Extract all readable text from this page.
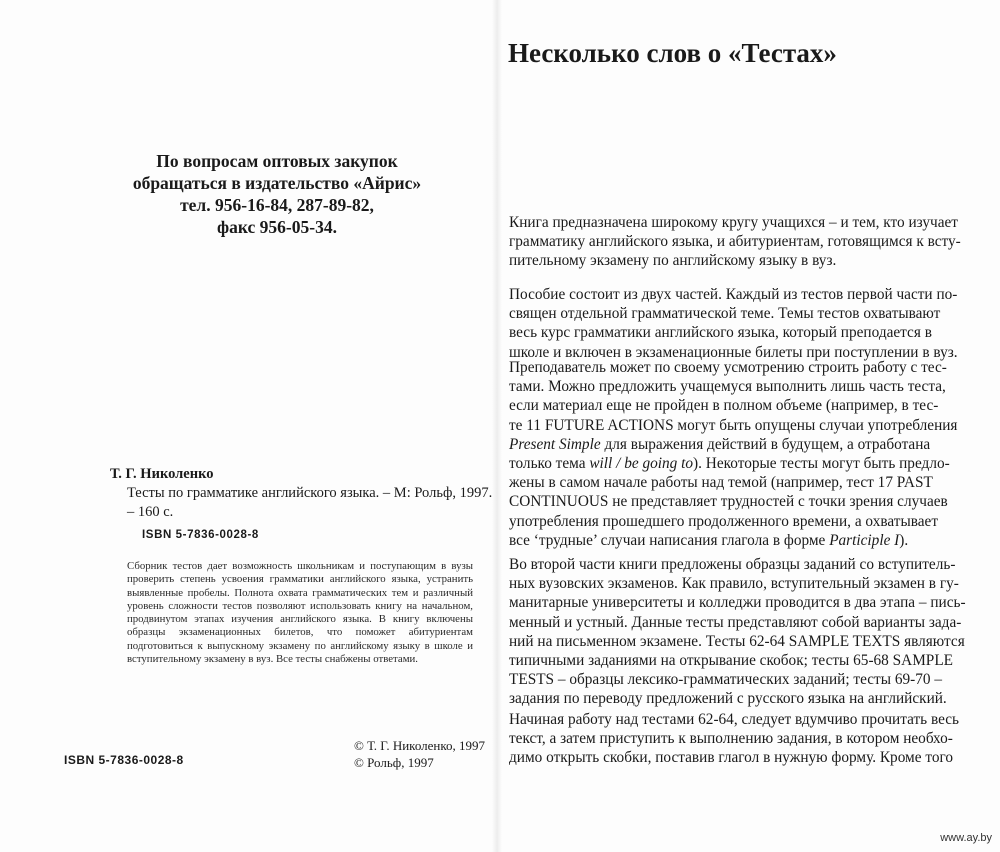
По вопросам оптовых закупок
обращаться в издательство «Айрис»
тел. 956-16-84, 287-89-82,
факс 956-05-34.
Т. Г. Николенко
Тесты по грамматике английского языка. – М: Рольф, 1997. – 160 с.
ISBN 5-7836-0028-8
Сборник тестов дает возможность школьникам и поступающим в вузы проверить степень усвоения грамматики английского языка, устранить выявленные пробелы. Полнота охвата грамматических тем и различный уровень сложности тестов позволяют использовать книгу на начальном, продвинутом этапах изучения английского языка. В книгу включены образцы экзаменационных билетов, что поможет абитуриентам подготовиться к выпускному экзамену по английскому языку в школе и вступительному экзамену в вуз. Все тесты снабжены ответами.
© Т. Г. Николенко, 1997
© Рольф, 1997
ISBN 5-7836-0028-8
Несколько слов о «Тестах»
Книга предназначена широкому кругу учащихся – и тем, кто изучает
грамматику английского языка, и абитуриентам, готовящимся к всту-
пительному экзамену по английскому языку в вуз.
Пособие состоит из двух частей. Каждый из тестов первой части по-
священ отдельной грамматической теме. Темы тестов охватывают
весь курс грамматики английского языка, который преподается в
школе и включен в экзаменационные билеты при поступлении в вуз.
Преподаватель может по своему усмотрению строить работу с тес-
тами. Можно предложить учащемуся выполнить лишь часть теста,
если материал еще не пройден в полном объеме (например, в тес-
те 11 FUTURE ACTIONS могут быть опущены случаи употребления
Present Simple для выражения действий в будущем, а отработана
только тема will / be going to). Некоторые тесты могут быть предло-
жены в самом начале работы над темой (например, тест 17 PAST
CONTINUOUS не представляет трудностей с точки зрения случаев
употребления прошедшего продолженного времени, а охватывает
все ‘трудные’ случаи написания глагола в форме Participle I).
Во второй части книги предложены образцы заданий со вступитель-
ных вузовских экзаменов. Как правило, вступительный экзамен в гу-
манитарные университеты и колледжи проводится в два этапа – пись-
менный и устный. Данные тесты представляют собой варианты зада-
ний на письменном экзамене. Тесты 62-64 SAMPLE TEXTS являются
типичными заданиями на открывание скобок; тесты 65-68 SAMPLE
TESTS – образцы лексико-грамматических заданий; тесты 69-70 –
задания по переводу предложений с русского языка на английский.
Начиная работу над тестами 62-64, следует вдумчиво прочитать весь
текст, а затем приступить к выполнению задания, в котором необхо-
димо открыть скобки, поставив глагол в нужную форму. Кроме того
www.ay.by
